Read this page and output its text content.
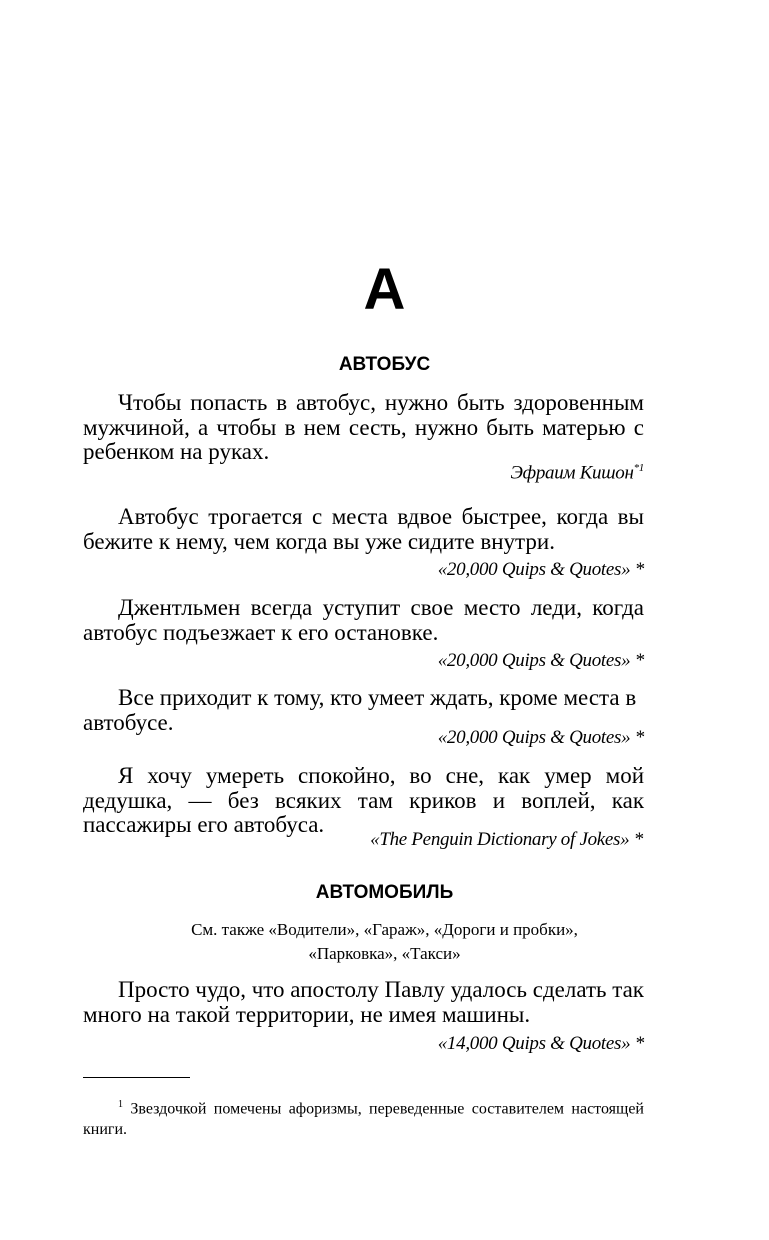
А
АВТОБУС
Чтобы попасть в автобус, нужно быть здоровенным мужчиной, а чтобы в нем сесть, нужно быть матерью с ребенком на руках.
Эфраим Кишон$^{*1}$
Автобус трогается с места вдвое быстрее, когда вы бежите к нему, чем когда вы уже сидите внутри.
«20,000 Quips & Quotes» *
Джентльмен всегда уступит свое место леди, когда автобус подъезжает к его остановке.
«20,000 Quips & Quotes» *
Все приходит к тому, кто умеет ждать, кроме места в автобусе.
«20,000 Quips & Quotes» *
Я хочу умереть спокойно, во сне, как умер мой дедушка, — без всяких там криков и воплей, как пассажиры его автобуса.
«The Penguin Dictionary of Jokes» *
АВТОМОБИЛЬ
См. также «Водители», «Гараж», «Дороги и пробки»,
«Парковка», «Такси»
Просто чудо, что апостолу Павлу удалось сделать так много на такой территории, не имея машины.
«14,000 Quips & Quotes» *
$^1$ Звездочкой помечены афоризмы, переведенные составителем настоящей книги.
